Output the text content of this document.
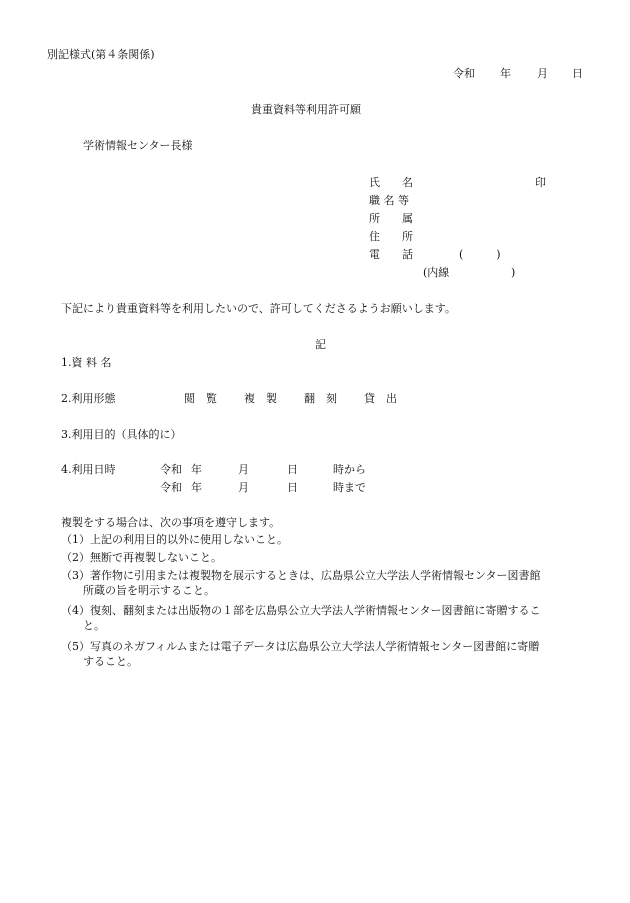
別記様式(第４条関係)
令和 年 月 日
貴重資料等利用許可願
学術情報センター長様
氏　　名	印
職 名 等
所　　属
住　　所
電　　話	(　　　)
(内線	)
下記により貴重資料等を利用したいので、許可してくださるようお願いします。
記
1.資 料 名
2.利用形態	閲　覧 複　製 翻　刻 貸　出
3.利用目的（具体的に）
4.利用日時	令和 年	月	日	時から
令和 年	月	日	時まで
複製をする場合は、次の事項を遵守します。
（1）上記の利用目的以外に使用しないこと。
（2）無断で再複製しないこと。
（3）著作物に引用または複製物を展示するときは、広島県公立大学法人学術情報センター図書館
所蔵の旨を明示すること。
（4）復刻、翻刻または出版物の１部を広島県公立大学法人学術情報センター図書館に寄贈するこ
と。
（5）写真のネガフィルムまたは電子データは広島県公立大学法人学術情報センター図書館に寄贈
すること。
